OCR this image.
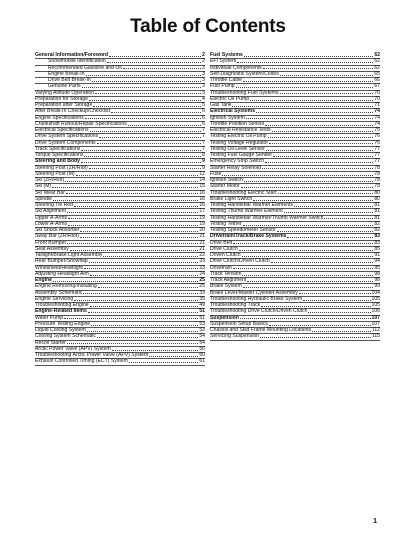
Table of Contents
General Information/Foreword	2
Snowmobile Identification	2
Recommended Gasoline and Oil	2
Engine Break-In	3
Drive Belt Break-In	3
Genuine Parts	3
Varying Altitude Operation	3
Preparation for Storage	4
Preparation after Storage	5
After Break-In Checkup/Checklist	6
Engine Specifications	6
Crankshaft Runout/Repair Specifications	6
Electrical Specifications	7
Drive System Specifications	7
Drive System Components	7
Track Specifications	7
Torque Specifications	8
Steering and Body	9
Steering Post (ZR/Riot)	9
Steering Post (M)	12
Ski (ZR/Riot)	14
Ski (M)	15
Ski Wear Bar	16
Spindle	16
Steering Tie Rod	16
Ski Alignment	17
Upper A-Arms	19
Lower A-Arms	19
Ski Shock Absorber	20
Sway Bar (ZR/Riot)	21
Front Bumper	21
Seat Assembly	21
Taillight/Brake Light Assembly	22
Rear Bumper/Snowflap	23
Windshield/Headlight	23
Adjusting Headlight Aim	24
Engine	25
Engine Removing/Installing	25
Assembly Schematic	33
Engine Servicing	35
Troubleshooting Engine	49
Engine-Related Items	51
Water Pump	51
Pressure Testing Engine	53
Liquid Cooling System	53
Cooling System Schematic	54
Recoil Starter	54
Arctic Power Valve (APV) System	56
Troubleshooting Arctic Power Valve (APV) System	60
Exhaust Controlled Timing (ECT) System	61
Fuel Systems	62
EFI System	62
Individual Components	62
Self-Diagnostic System/Codes	65
Throttle Cable	66
Fuel Pump	67
Troubleshooting Fuel Systems	70
Electric Oil Pump	70
Gas Tank	71
Electrical Systems	74
Ignition System	74
Throttle Position Sensor	74
Electrical Resistance Tests	75
Testing Electric Oil Pump	76
Testing Voltage Regulator	76
Testing Oil Level Sensor	77
Testing Fuel Gauge Sender	77
Emergency Stop Switch	77
Starter Relay Solenoid	78
Fuse	78
Ignition Switch	78
Starter Motor	78
Troubleshooting Electric Start	80
Brake Light Switch	80
Testing Handlebar Warmer Elements	81
Testing Thumb Warmer Element	81
Testing Handlebar Warmer/Thumb Warmer Switch	81
Testing Tether	82
Testing Speedometer Sensor	82
Drivetrain/Track/Brake Systems	83
Drive Belt	83
Drive Clutch	85
Driven Clutch	91
Drive Clutch/Driven Clutch	94
Drivetrain	95
Track Tension	98
Track Alignment	98
Brake System	99
Brake Lever/Master Cylinder Assembly	104
Troubleshooting Hydraulic Brake System	105
Troubleshooting Track	105
Troubleshooting Drive Clutch/Driven Clutch	106
Suspension	107
Suspension Setup Basics	107
Chassis and Skid Frame Mounting Locations	112
Servicing Suspension	115
1
